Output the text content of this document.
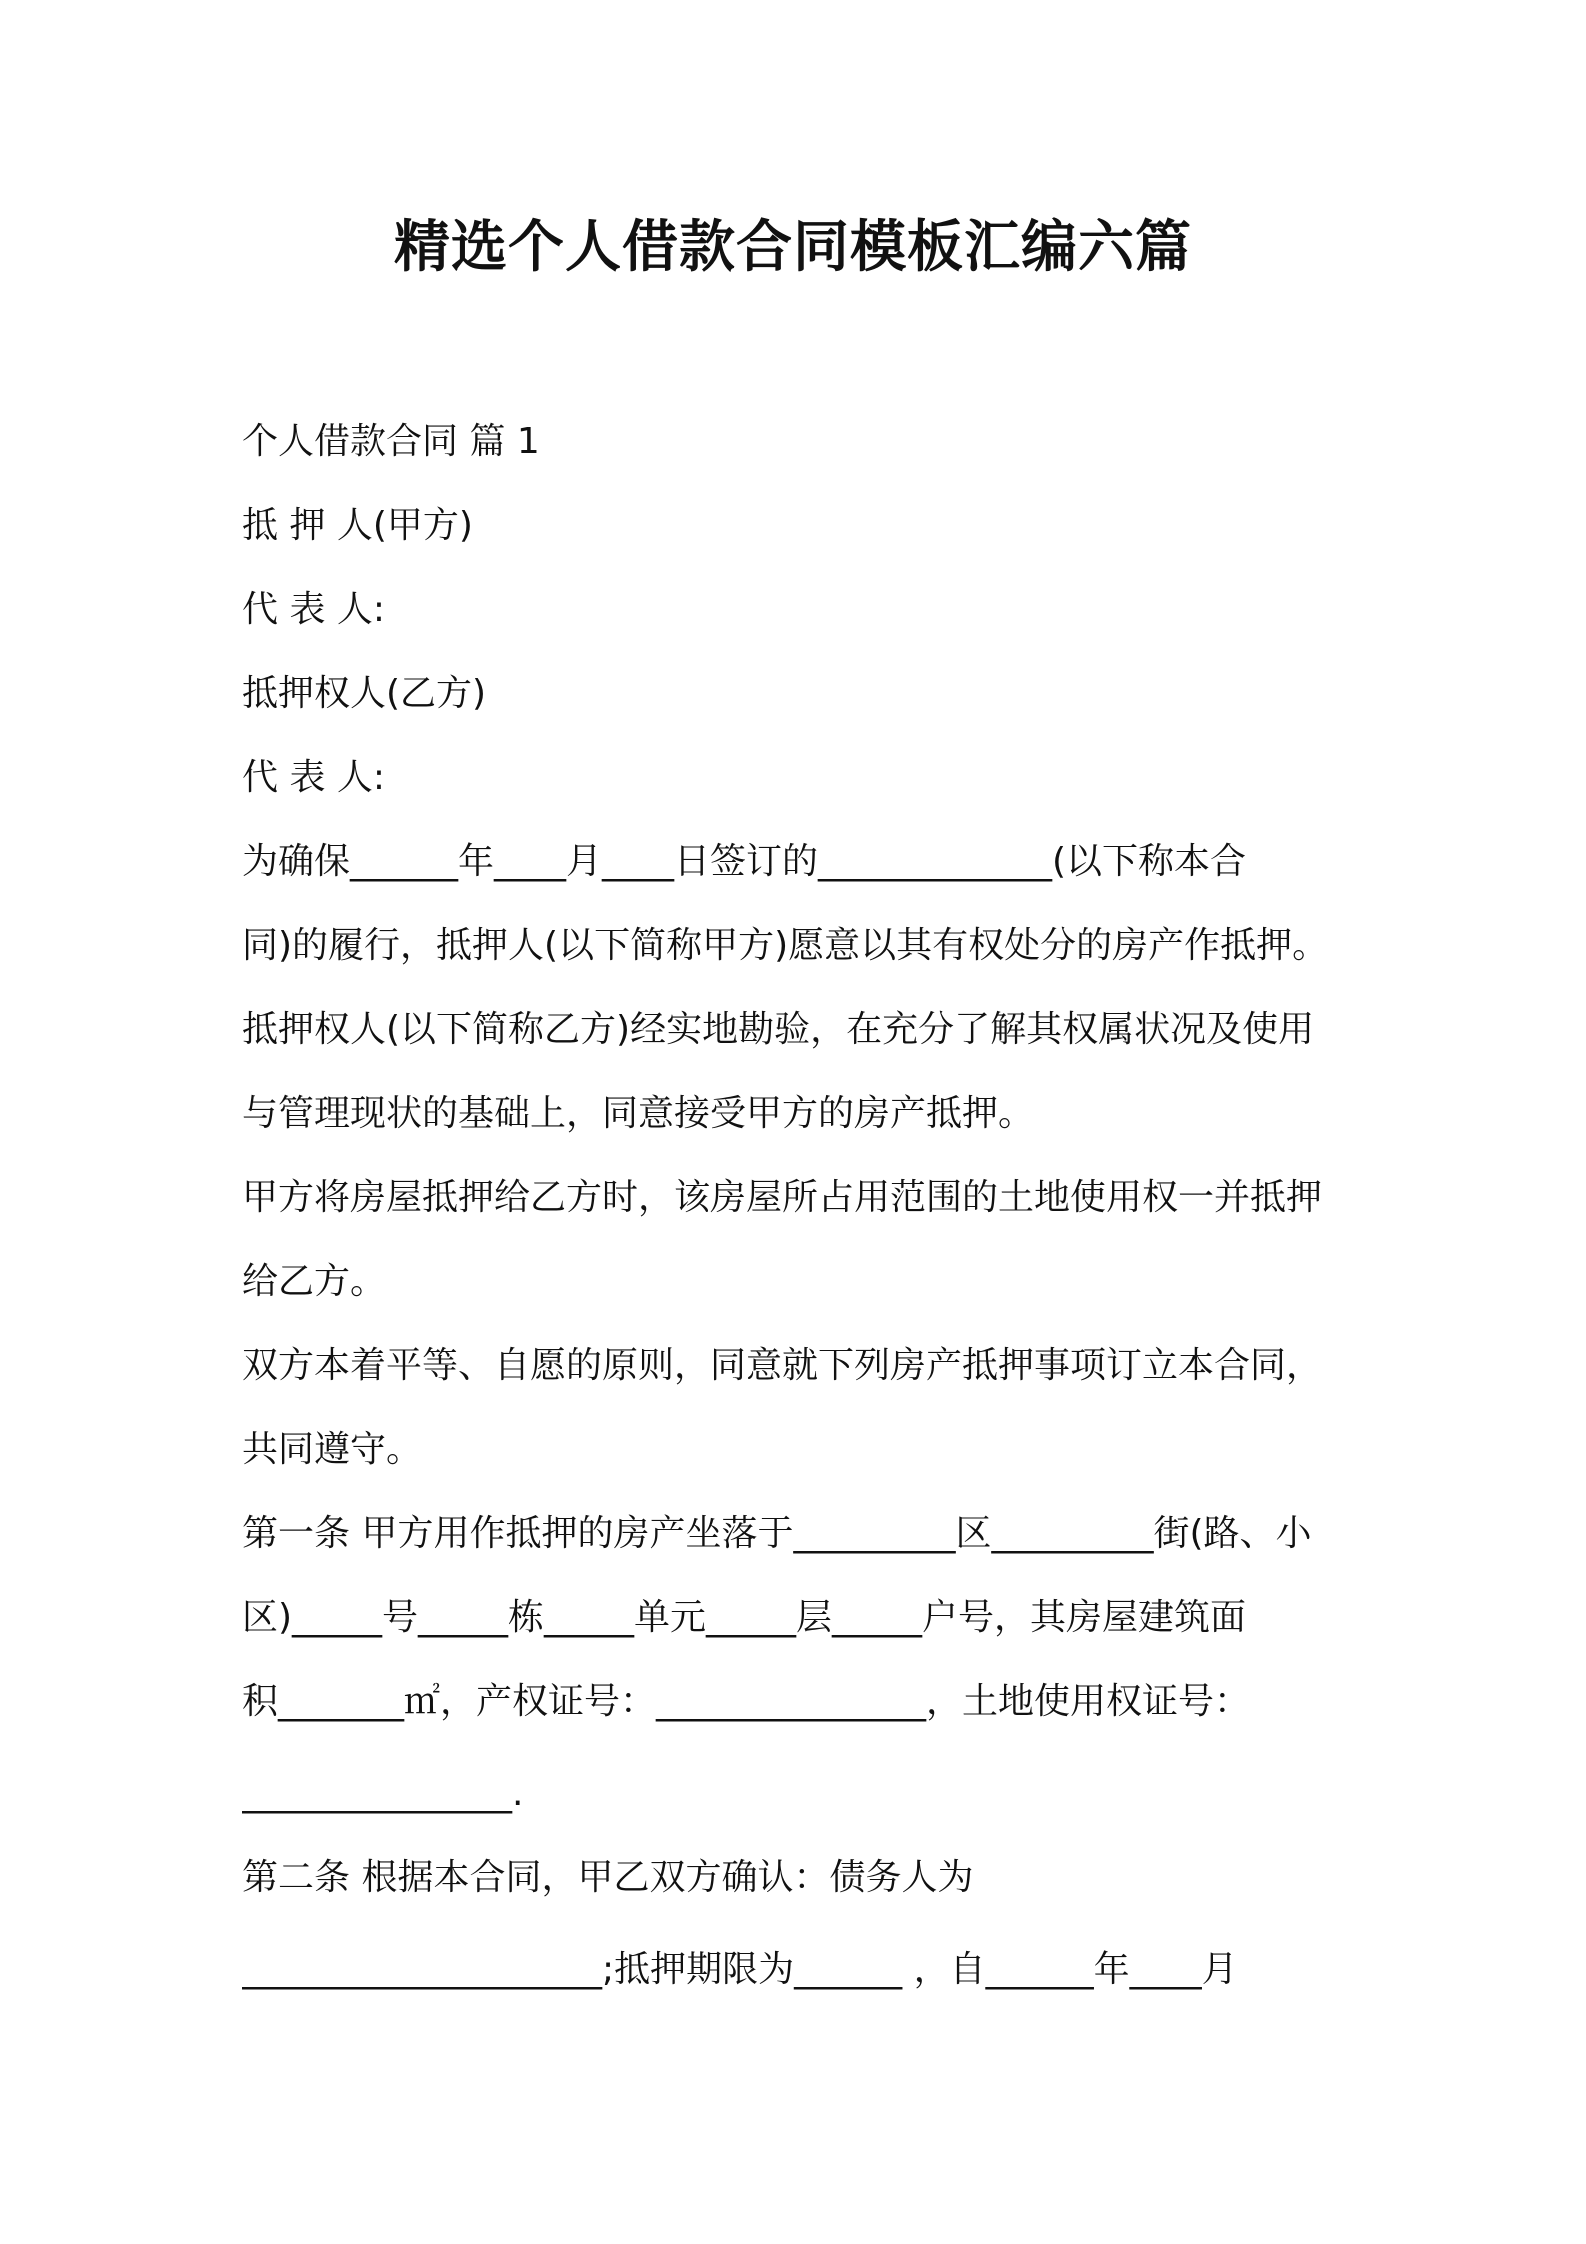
精选个人借款合同模板汇编六篇
个人借款合同 篇 1
抵 押 人(甲方)
代 表 人:
抵押权人(乙方)
代 表 人:
为确保______年____月____日签订的_____________(以下称本合
同)的履行，抵押人(以下简称甲方)愿意以其有权处分的房产作抵押。
抵押权人(以下简称乙方)经实地勘验，在充分了解其权属状况及使用
与管理现状的基础上，同意接受甲方的房产抵押。
甲方将房屋抵押给乙方时，该房屋所占用范围的土地使用权一并抵押
给乙方。
双方本着平等、自愿的原则，同意就下列房产抵押事项订立本合同，
共同遵守。
第一条 甲方用作抵押的房产坐落于_________区_________街(路、小
区)_____号_____栋_____单元_____层_____户号，其房屋建筑面
积_______㎡，产权证号：_______________，土地使用权证号：
_______________.
第二条 根据本合同，甲乙双方确认：债务人为
____________________;抵押期限为______ ，自______年____月
